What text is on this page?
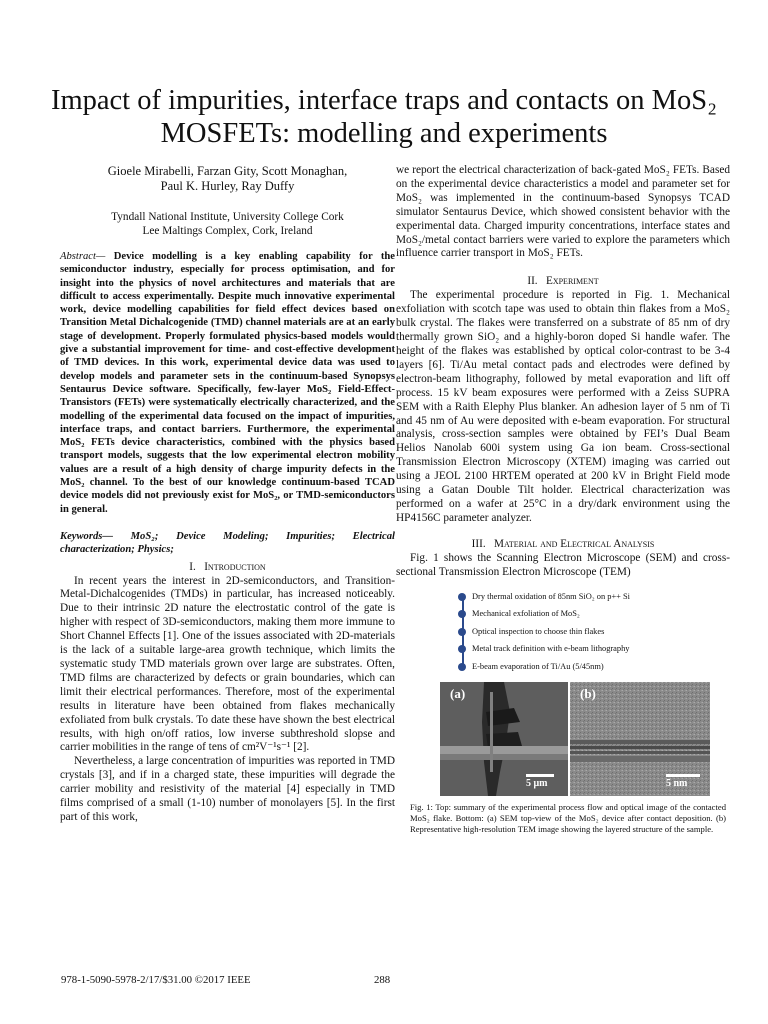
Impact of impurities, interface traps and contacts on MoS₂ MOSFETs: modelling and experiments

Gioele Mirabelli, Farzan Gity, Scott Monaghan,
Paul K. Hurley, Ray Duffy

Tyndall National Institute, University College Cork
Lee Maltings Complex, Cork, Ireland

Abstract— Device modelling is a key enabling capability for the semiconductor industry, especially for process optimisation, and for insight into the physics of novel architectures and materials that are difficult to access experimentally. Despite much innovative experimental work, device modelling capabilities for field effect devices based on Transition Metal Dichalcogenide (TMD) channel materials are at an early stage of development. Properly formulated physics-based models would give a substantial improvement for time- and cost-effective development of TMD devices. In this work, experimental device data was used to develop models and parameter sets in the continuum-based Synopsys Sentaurus Device software. Specifically, few-layer MoS₂ Field-Effect-Transistors (FETs) were systematically electrically characterized, and the modelling of the experimental data focused on the impact of impurities, interface traps, and contact barriers. Furthermore, the experimental MoS₂ FETs device characteristics, combined with the physics based transport models, suggests that the low experimental electron mobility values are a result of a high density of charge impurity defects in the MoS₂ channel. To the best of our knowledge continuum-based TCAD device models did not previously exist for MoS₂, or TMD-semiconductors in general.

Keywords— MoS₂; Device Modeling; Impurities; Electrical characterization; Physics;

I. Introduction

In recent years the interest in 2D-semiconductors, and Transition-Metal-Dichalcogenides (TMDs) in particular, has increased noticeably. Due to their intrinsic 2D nature the electrostatic control of the gate is higher with respect of 3D-semiconductors, making them more immune to Short Channel Effects [1]. One of the issues associated with 2D-materials is the lack of a suitable large-area growth technique, which limits the systematic study TMD materials grown over large are substrates. Often, TMD films are characterized by defects or grain boundaries, which can limit their electrical performances. Therefore, most of the experimental results in literature have been obtained from flakes mechanically exfoliated from bulk crystals. To date these have shown the best electrical results, with high on/off ratios, low inverse subthreshold slopse and carrier mobilities in the range of tens of cm²V⁻¹s⁻¹ [2].

Nevertheless, a large concentration of impurities was reported in TMD crystals [3], and if in a charged state, these impurities will degrade the carrier mobility and resistivity of the material [4] especially in TMD films comprised of a small (1-10) number of monolayers [5]. In the first part of this work,

we report the electrical characterization of back-gated MoS₂ FETs. Based on the experimental device characteristics a model and parameter set for MoS₂ was implemented in the continuum-based Synopsys TCAD simulator Sentaurus Device, which showed consistent behavior with the experimental data. Charged impurity concentrations, interface states and MoS₂/metal contact barriers were varied to explore the parameters which influence carrier transport in MoS₂ FETs.

II. Experiment

The experimental procedure is reported in Fig. 1. Mechanical exfoliation with scotch tape was used to obtain thin flakes from a MoS₂ bulk crystal. The flakes were transferred on a substrate of 85 nm of dry thermally grown SiO₂ and a highly-boron doped Si handle wafer. The height of the flakes was established by optical color-contrast to be 3-4 layers [6]. Ti/Au metal contact pads and electrodes were defined by electron-beam lithography, followed by metal evaporation and lift off process. 15 kV beam exposures were performed with a Zeiss SUPRA SEM with a Raith Elephy Plus blanker. An adhesion layer of 5 nm of Ti and 45 nm of Au were deposited with e-beam evaporation. For structural analysis, cross-section samples were obtained by FEI’s Dual Beam Helios Nanolab 600i system using Ga ion beam. Cross-sectional Transmission Electron Microscopy (XTEM) imaging was carried out using a JEOL 2100 HRTEM operated at 200 kV in Bright Field mode using a Gatan Double Tilt holder. Electrical characterization was performed on a wafer at 25°C in a dry/dark environment using the HP4156C parameter analyzer.

III. Material and Electrical Analysis

Fig. 1 shows the Scanning Electron Microscope (SEM) and cross-sectional Transmission Electron Microscope (TEM)

Dry thermal oxidation of 85nm SiO₂ on p++ Si
Mechanical exfoliation of MoS₂
Optical inspection to choose thin flakes
Metal track definition with e-beam lithography
E-beam evaporation of Ti/Au (5/45nm)
(a)
5 μm
(b)
5 nm

Fig. 1: Top: summary of the experimental process flow and optical image of the contacted MoS₂ flake. Bottom: (a) SEM top-view of the MoS₂ device after contact deposition. (b) Representative high-resolution TEM image showing the layered structure of the sample.

978-1-5090-5978-2/17/$31.00 ©2017 IEEE	288
